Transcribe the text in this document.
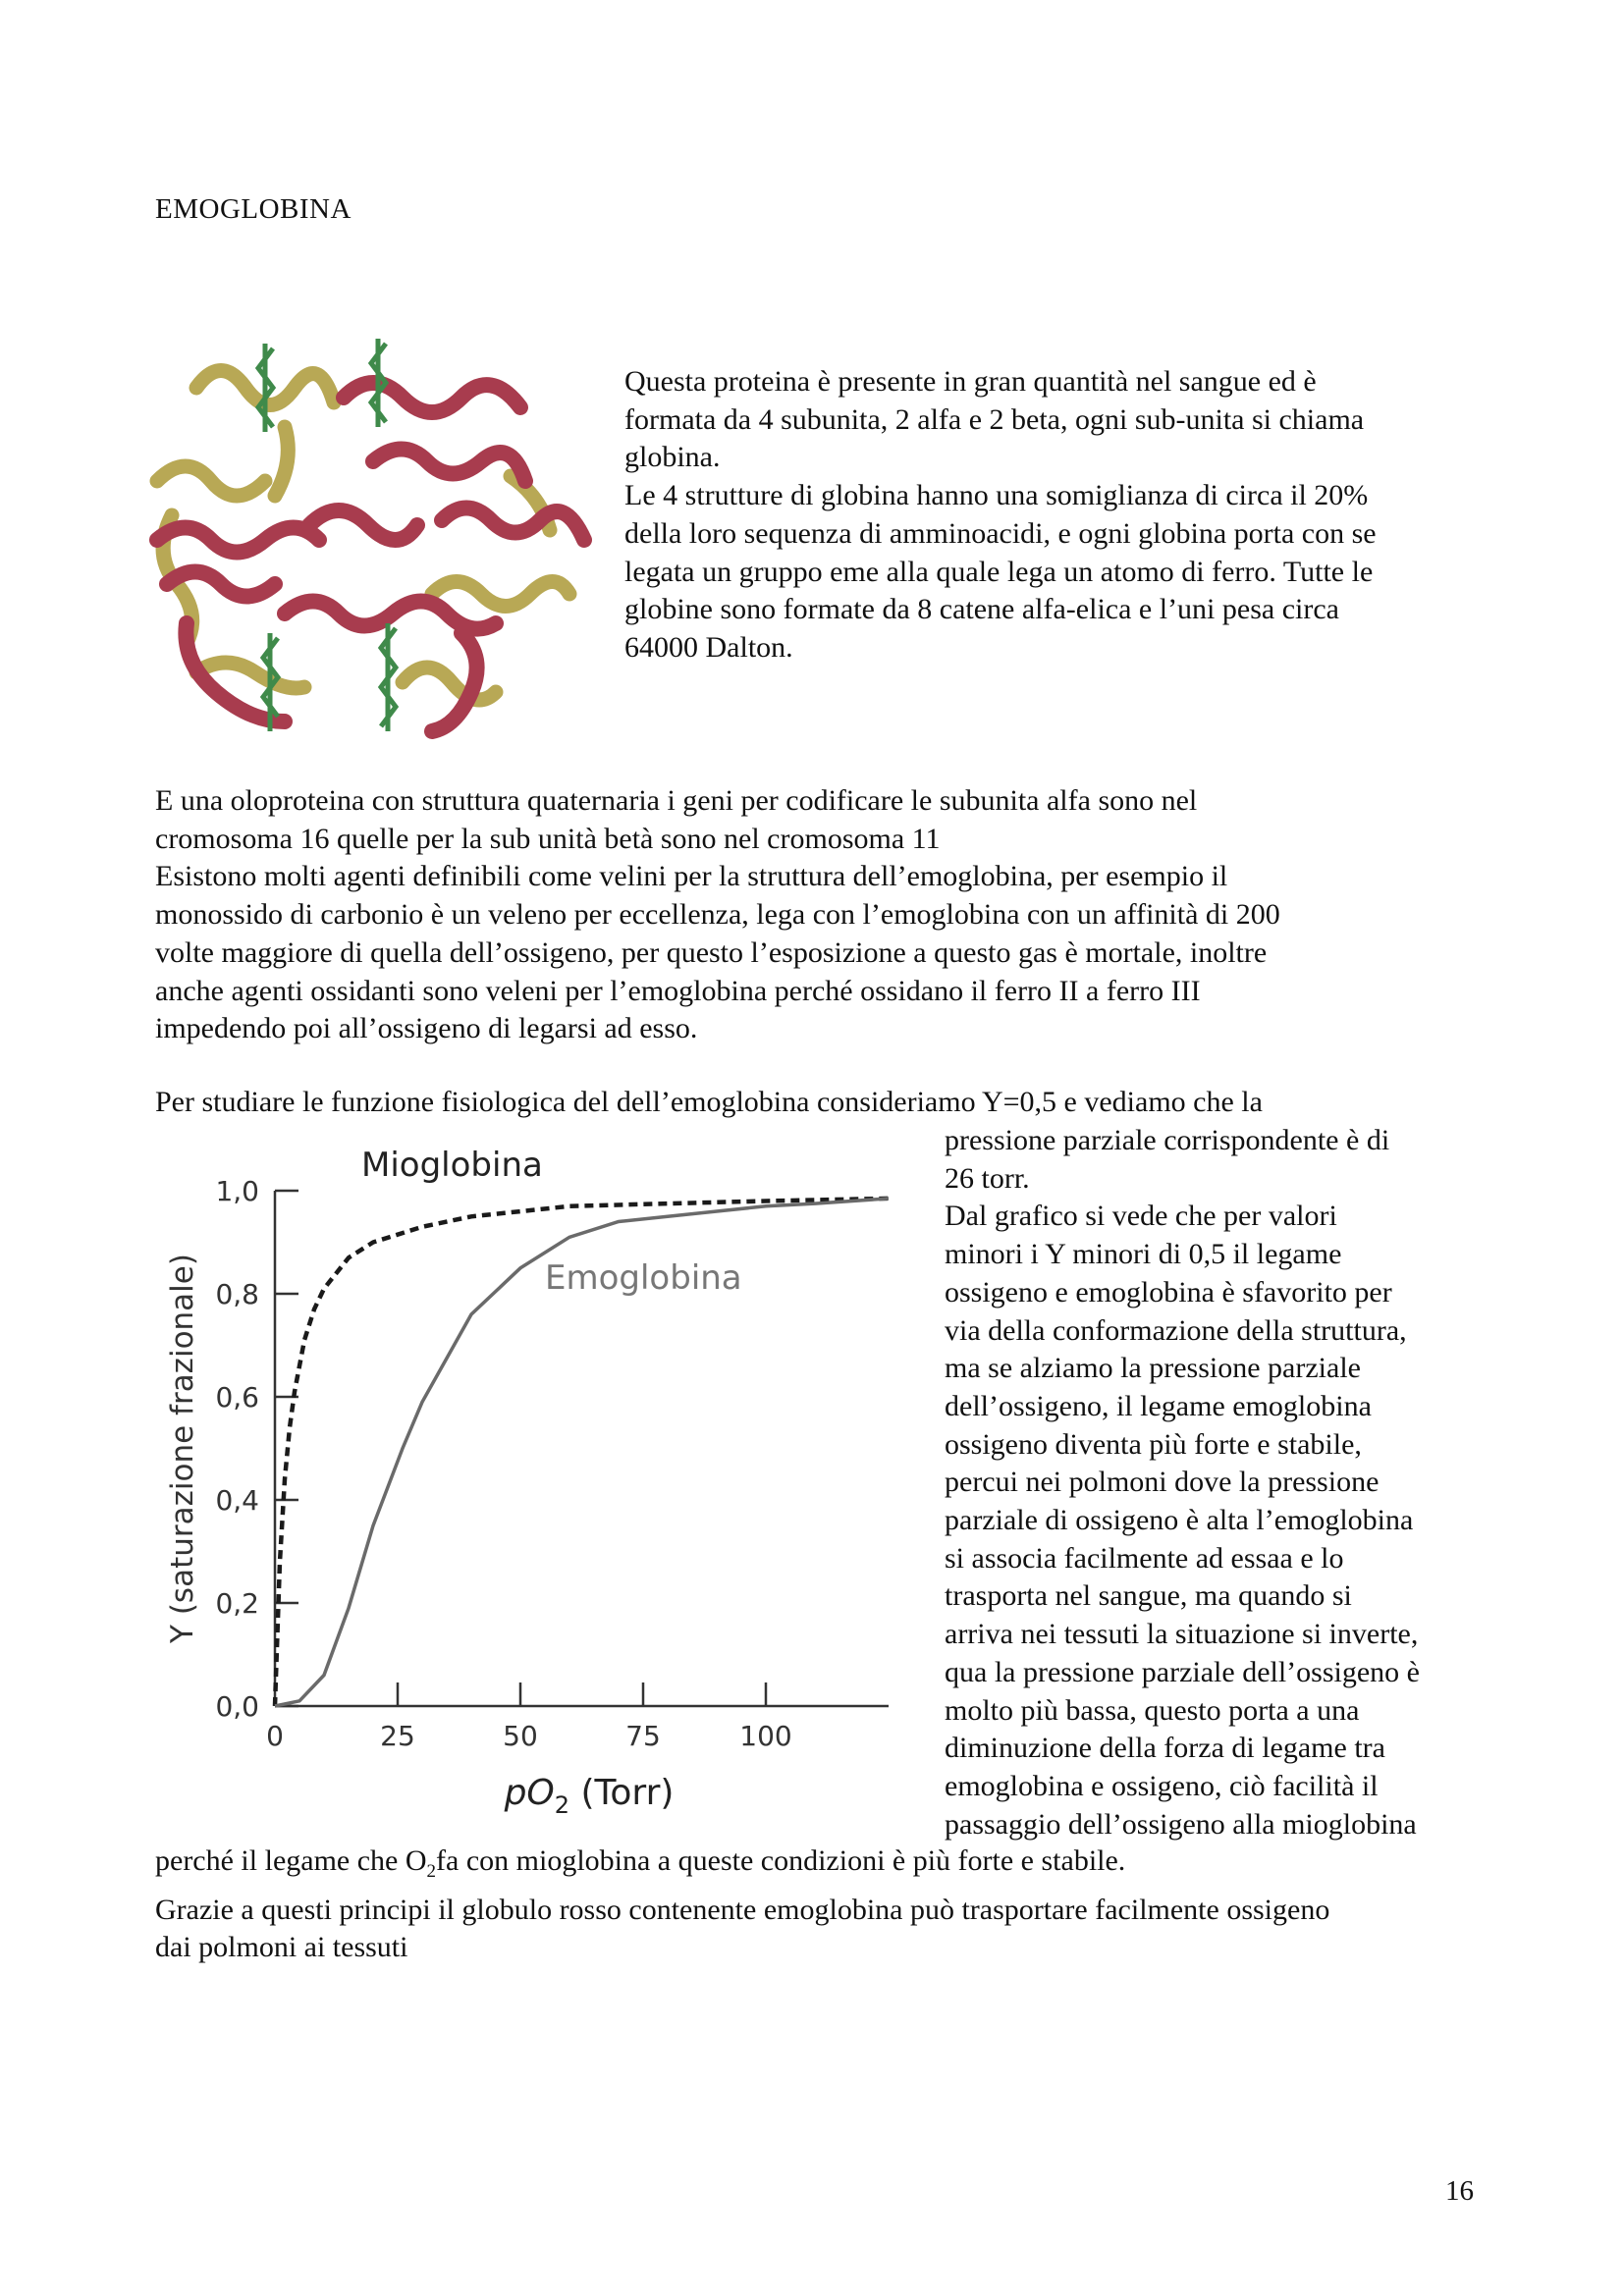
EMOGLOBINA
Questa proteina è presente in gran quantità nel sangue ed è
formata da 4 subunita, 2 alfa e 2 beta, ogni sub-unita si chiama
globina.
Le 4 strutture di globina hanno una somiglianza di circa il 20%
della loro sequenza di amminoacidi, e ogni globina porta con se
legata un gruppo eme alla quale lega un atomo di ferro. Tutte le
globine sono formate da 8 catene alfa-elica e l’uni pesa circa
64000 Dalton.
E una oloproteina con struttura quaternaria i geni per codificare le subunita alfa sono nel
cromosoma 16 quelle per la sub unità betà sono nel cromosoma 11
Esistono molti agenti definibili come velini per la struttura dell’emoglobina, per esempio il
monossido di carbonio è un veleno per eccellenza, lega con l’emoglobina con un affinità di 200
volte maggiore di quella dell’ossigeno, per questo l’esposizione a questo gas è mortale, inoltre
anche agenti ossidanti sono veleni per l’emoglobina perché ossidano il ferro II a ferro III
impedendo poi all’ossigeno di legarsi ad esso.
Per studiare le funzione fisiologica del dell’emoglobina consideriamo Y=0,5 e vediamo che la
pressione parziale corrispondente è di
26 torr.
Dal grafico si vede che per valori
minori i Y minori di 0,5 il legame
ossigeno e emoglobina è sfavorito per
via della conformazione della struttura,
ma se alziamo la pressione parziale
dell’ossigeno, il legame emoglobina
ossigeno diventa più forte e stabile,
percui nei polmoni dove la pressione
parziale di ossigeno è alta l’emoglobina
si associa facilmente ad essaa e lo
trasporta nel sangue, ma quando si
arriva nei tessuti la situazione si inverte,
qua la pressione parziale dell’ossigeno è
molto più bassa, questo porta a una
diminuzione della forza di legame tra
emoglobina e ossigeno, ciò facilità il
passaggio dell’ossigeno alla mioglobina
0,0
0,2
0,4
0,6
0,8
1,0
0	25	50	75	100
Mioglobina
Emoglobina
Y (saturazione frazionale)
$pO_2$ (Torr)
perché il legame che $O_2fa$ con mioglobina a queste condizioni è più forte e stabile.
Grazie a questi principi il globulo rosso contenente emoglobina può trasportare facilmente ossigeno
dai polmoni ai tessuti
16
